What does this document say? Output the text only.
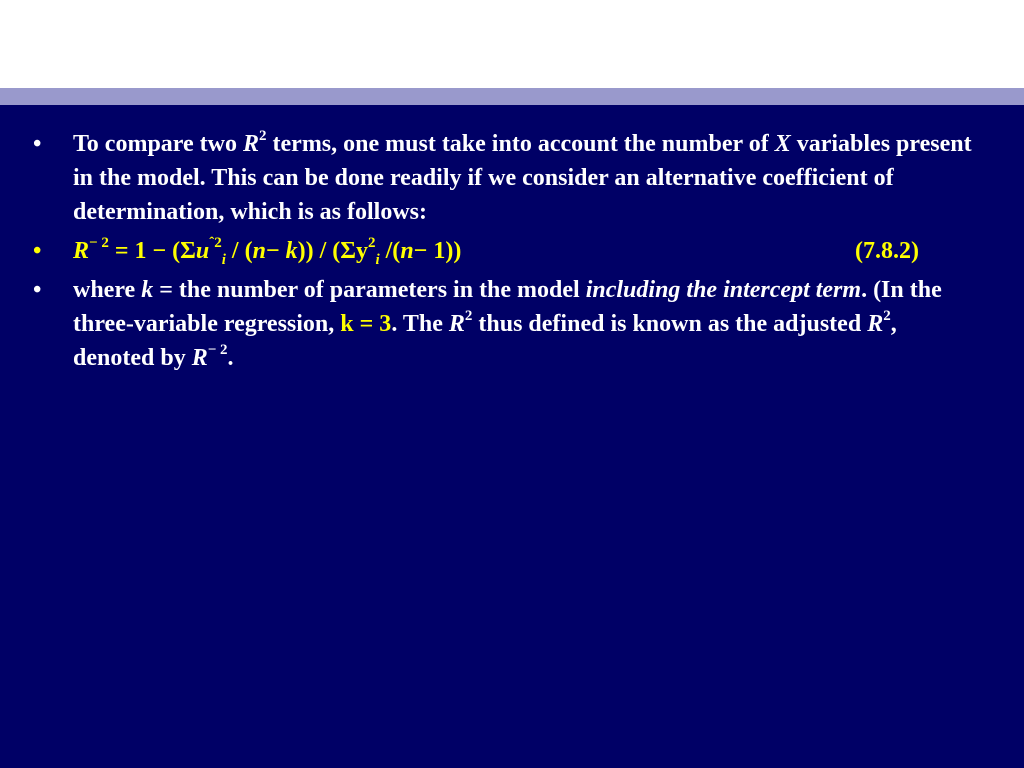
• To compare two $R^2$ terms, one must take into account the number of X variables present in the model. This can be done readily if we consider an alternative coefficient of determination, which is as follows:
• $R^{- 2} = 1 - (\Sigma u^{ˆ2}_i / (n- k)) / (\Sigma y^2_i$ /(n− 1))	(7.8.2)
• where k = the number of parameters in the model including the intercept term. (In the three-variable regression, k = 3. The $R^2$ thus defined is known as the adjusted $R^2$, denoted by $R^{- 2}$.
